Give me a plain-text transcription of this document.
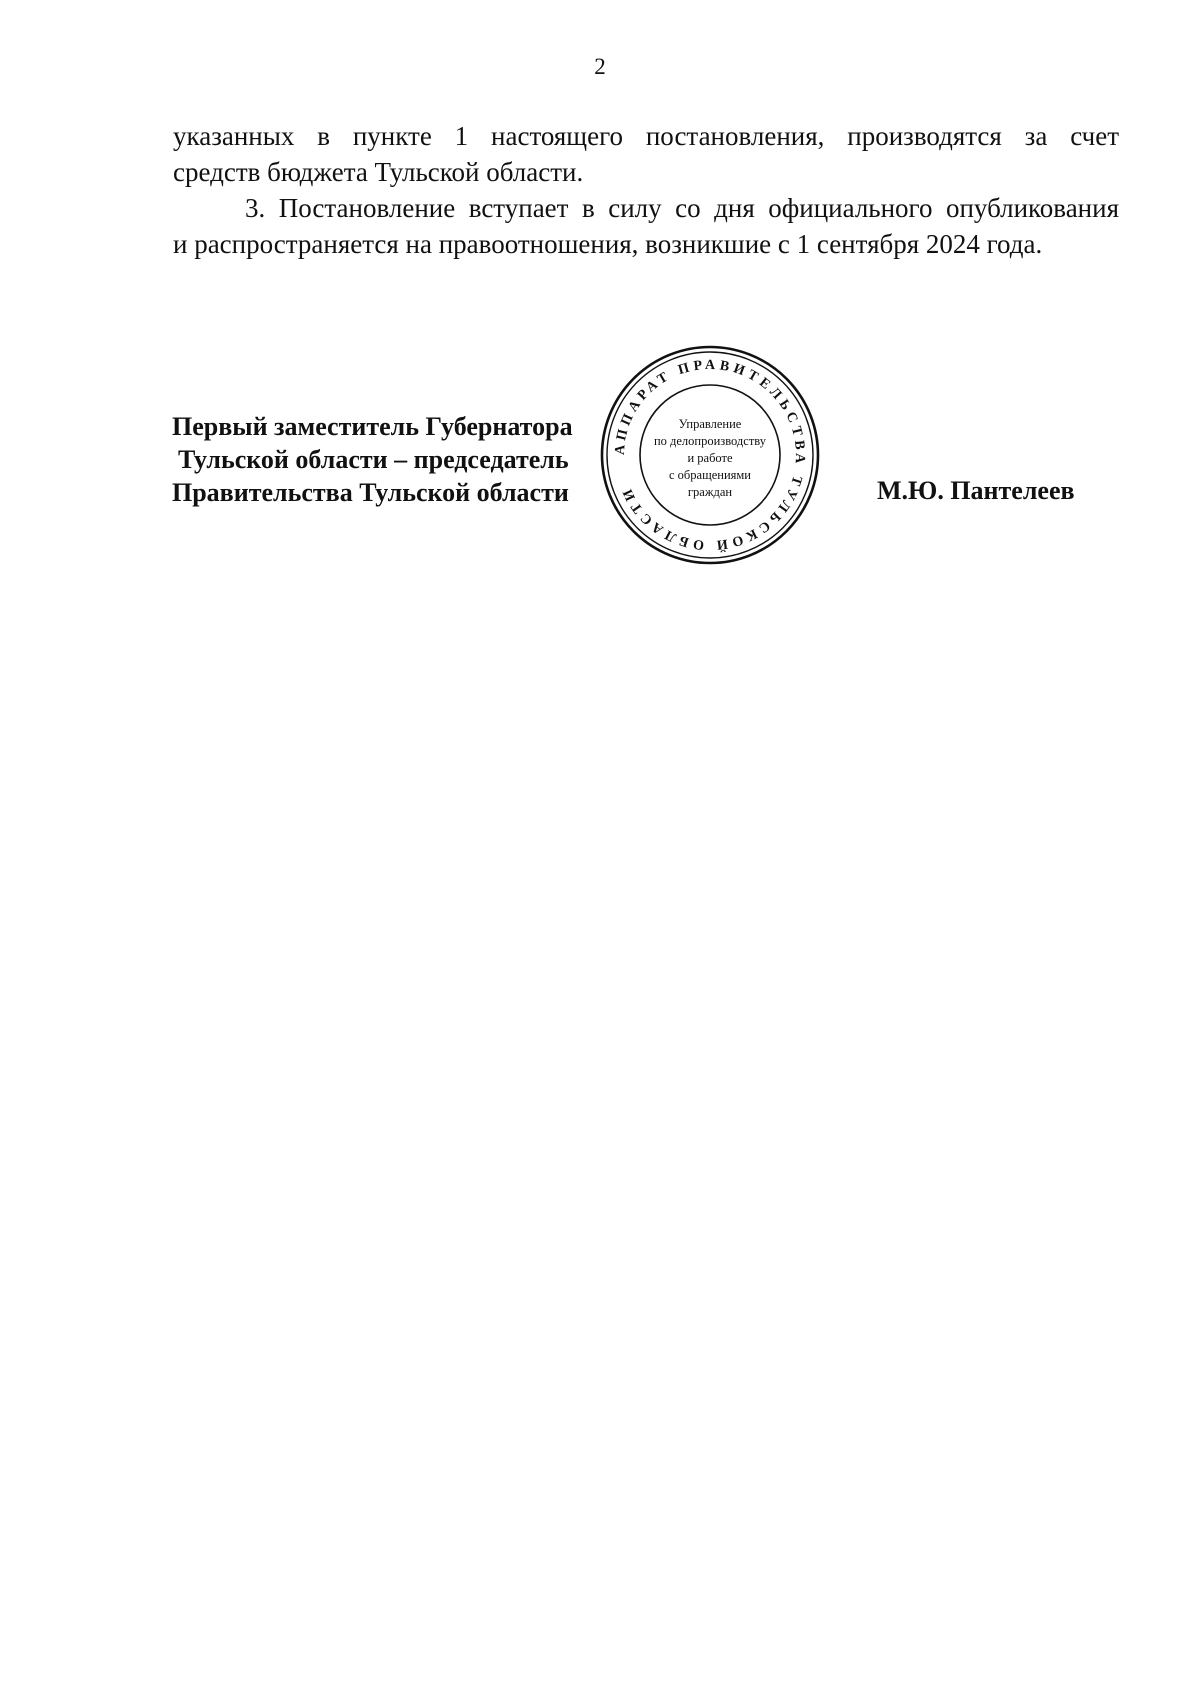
2
указанных в пункте 1 настоящего постановления, производятся за счет
средств бюджета Тульской области.
3. Постановление вступает в силу со дня официального опубликования
и распространяется на правоотношения, возникшие с 1 сентября 2024 года.
Первый заместитель Губернатора
Тульской области – председатель
Правительства Тульской области	М.Ю. Пантелеев
АППАРАТ ПРАВИТЕЛЬСТВА ТУЛЬСКОЙ ОБЛАСТИ
Управление
по делопроизводству
и работе
с обращениями
граждан
